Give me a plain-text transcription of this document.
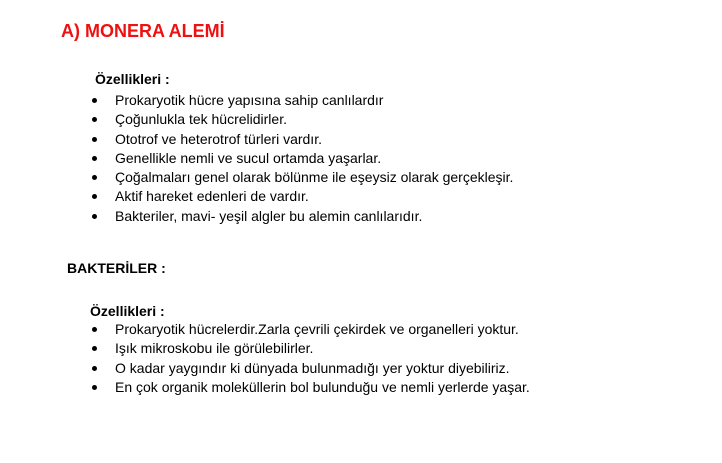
A) MONERA ALEMİ
Özellikleri :
Prokaryotik hücre yapısına sahip canlılardır
Çoğunlukla tek hücrelidirler.
Ototrof ve heterotrof türleri vardır.
Genellikle nemli ve sucul ortamda yaşarlar.
Çoğalmaları genel olarak bölünme ile eşeysiz olarak gerçekleşir.
Aktif hareket edenleri de vardır.
Bakteriler, mavi- yeşil algler bu alemin canlılarıdır.
BAKTERİLER :
Özellikleri :
Prokaryotik hücrelerdir.Zarla çevrili çekirdek ve organelleri yoktur.
Işık mikroskobu ile görülebilirler.
O kadar yaygındır ki dünyada bulunmadığı yer yoktur diyebiliriz.
En çok organik moleküllerin bol bulunduğu ve nemli yerlerde yaşar.
